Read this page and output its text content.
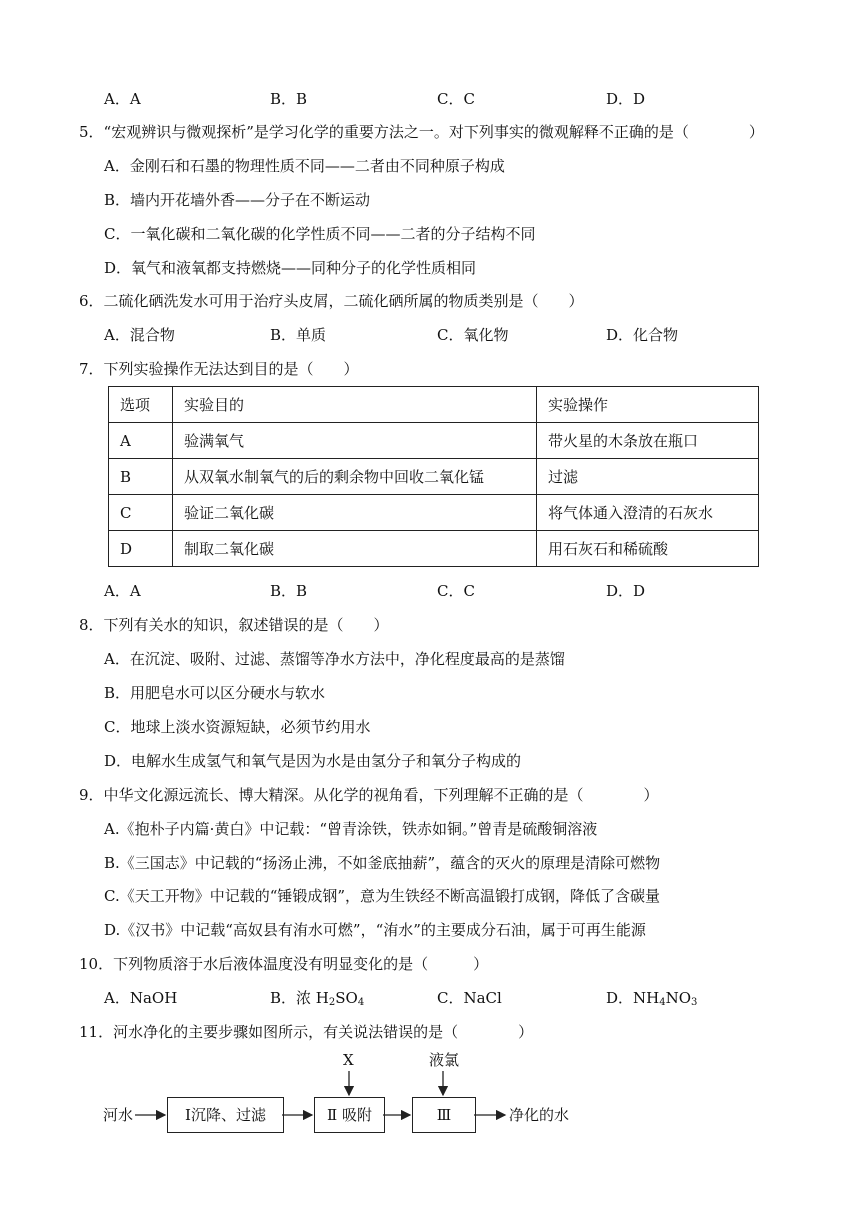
A．A	B．B	C．C	D．D
5．“宏观辨识与微观探析”是学习化学的重要方法之一。对下列事实的微观解释不正确的是（　　　　）
A．金刚石和石墨的物理性质不同——二者由不同种原子构成
B．墙内开花墙外香——分子在不断运动
C．一氧化碳和二氧化碳的化学性质不同——二者的分子结构不同
D．氧气和液氧都支持燃烧——同种分子的化学性质相同
6．二硫化硒洗发水可用于治疗头皮屑，二硫化硒所属的物质类别是（　　）
A．混合物	B．单质	C．氧化物	D．化合物
7．下列实验操作无法达到目的是（　　）
选项	实验目的	实验操作
A	验满氧气	带火星的木条放在瓶口
B	从双氧水制氧气的后的剩余物中回收二氧化锰	过滤
C	验证二氧化碳	将气体通入澄清的石灰水
D	制取二氧化碳	用石灰石和稀硫酸
A．A	B．B	C．C	D．D
8．下列有关水的知识，叙述错误的是（　　）
A．在沉淀、吸附、过滤、蒸馏等净水方法中，净化程度最高的是蒸馏
B．用肥皂水可以区分硬水与软水
C．地球上淡水资源短缺，必须节约用水
D．电解水生成氢气和氧气是因为水是由氢分子和氧分子构成的
9．中华文化源远流长、博大精深。从化学的视角看，下列理解不正确的是（　　　　）
A.《抱朴子内篇·黄白》中记载：“曾青涂铁，铁赤如铜。”曾青是硫酸铜溶液
B.《三国志》中记载的“扬汤止沸，不如釜底抽薪”，蕴含的灭火的原理是清除可燃物
C.《天工开物》中记载的“锤锻成钢”，意为生铁经不断高温锻打成钢，降低了含碳量
D.《汉书》中记载“高奴县有洧水可燃”，“洧水”的主要成分石油，属于可再生能源
10．下列物质溶于水后液体温度没有明显变化的是（　　　）
A．NaOH	B．浓 $H_2SO_4$	C．NaCl	D．$NH_4NO_3$
11．河水净化的主要步骤如图所示，有关说法错误的是（　　　　）
河水	Ⅰ沉降、过滤	Ⅱ 吸附	Ⅲ
X	液氯
净化的水
